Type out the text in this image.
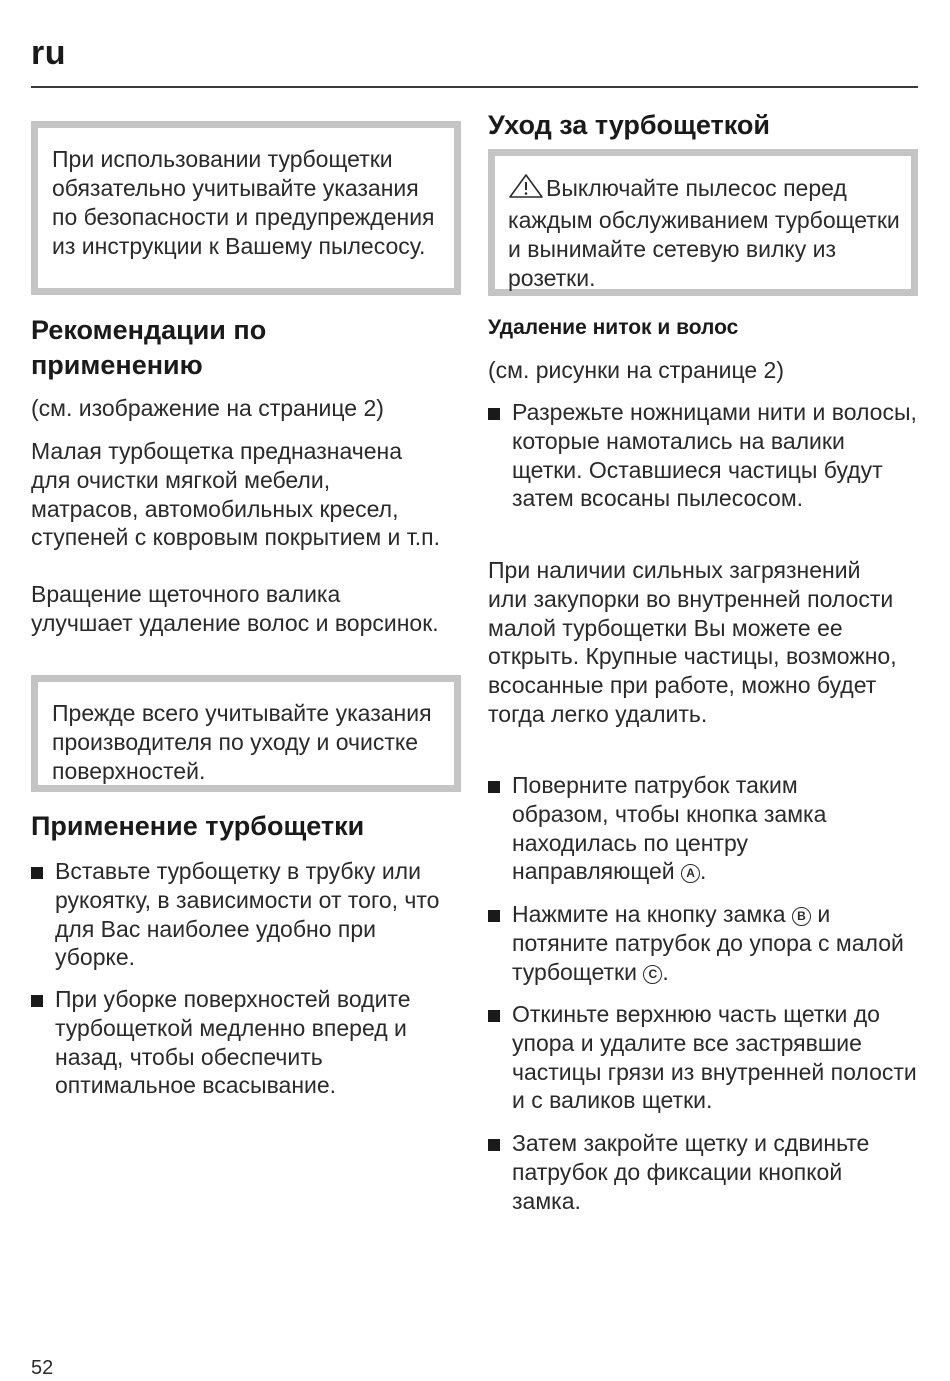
ru

При использовании турбощетки обязательно учитывайте указания по безопасности и предупреждения из инструкции к Вашему пылесосу.

Рекомендации по применению

(см. изображение на странице 2)

Малая турбощетка предназначена для очистки мягкой мебели, матрасов, автомобильных кресел, ступеней с ковровым покрытием и т.п.

Вращение щеточного валика улучшает удаление волос и ворсинок.

Прежде всего учитывайте указания производителя по уходу и очистке поверхностей.

Применение турбощетки

Вставьте турбощетку в трубку или рукоятку, в зависимости от того, что для Вас наиболее удобно при уборке.

При уборке поверхностей водите турбощеткой медленно вперед и назад, чтобы обеспечить оптимальное всасывание.

Уход за турбощеткой

Выключайте пылесос перед каждым обслуживанием турбощетки и вынимайте сетевую вилку из розетки.

Удаление ниток и волос

(см. рисунки на странице 2)

Разрежьте ножницами нити и волосы, которые намотались на валики щетки. Оставшиеся частицы будут затем всосаны пылесосом.

При наличии сильных загрязнений или закупорки во внутренней полости малой турбощетки Вы можете ее открыть. Крупные частицы, возможно, всосанные при работе, можно будет тогда легко удалить.

Поверните патрубок таким образом, чтобы кнопка замка находилась по центру направляющей A .

Нажмите на кнопку замка B и потяните патрубок до упора с малой турбощетки C .

Откиньте верхнюю часть щетки до упора и удалите все застрявшие частицы грязи из внутренней полости и с валиков щетки.

Затем закройте щетку и сдвиньте патрубок до фиксации кнопкой замка.

52
